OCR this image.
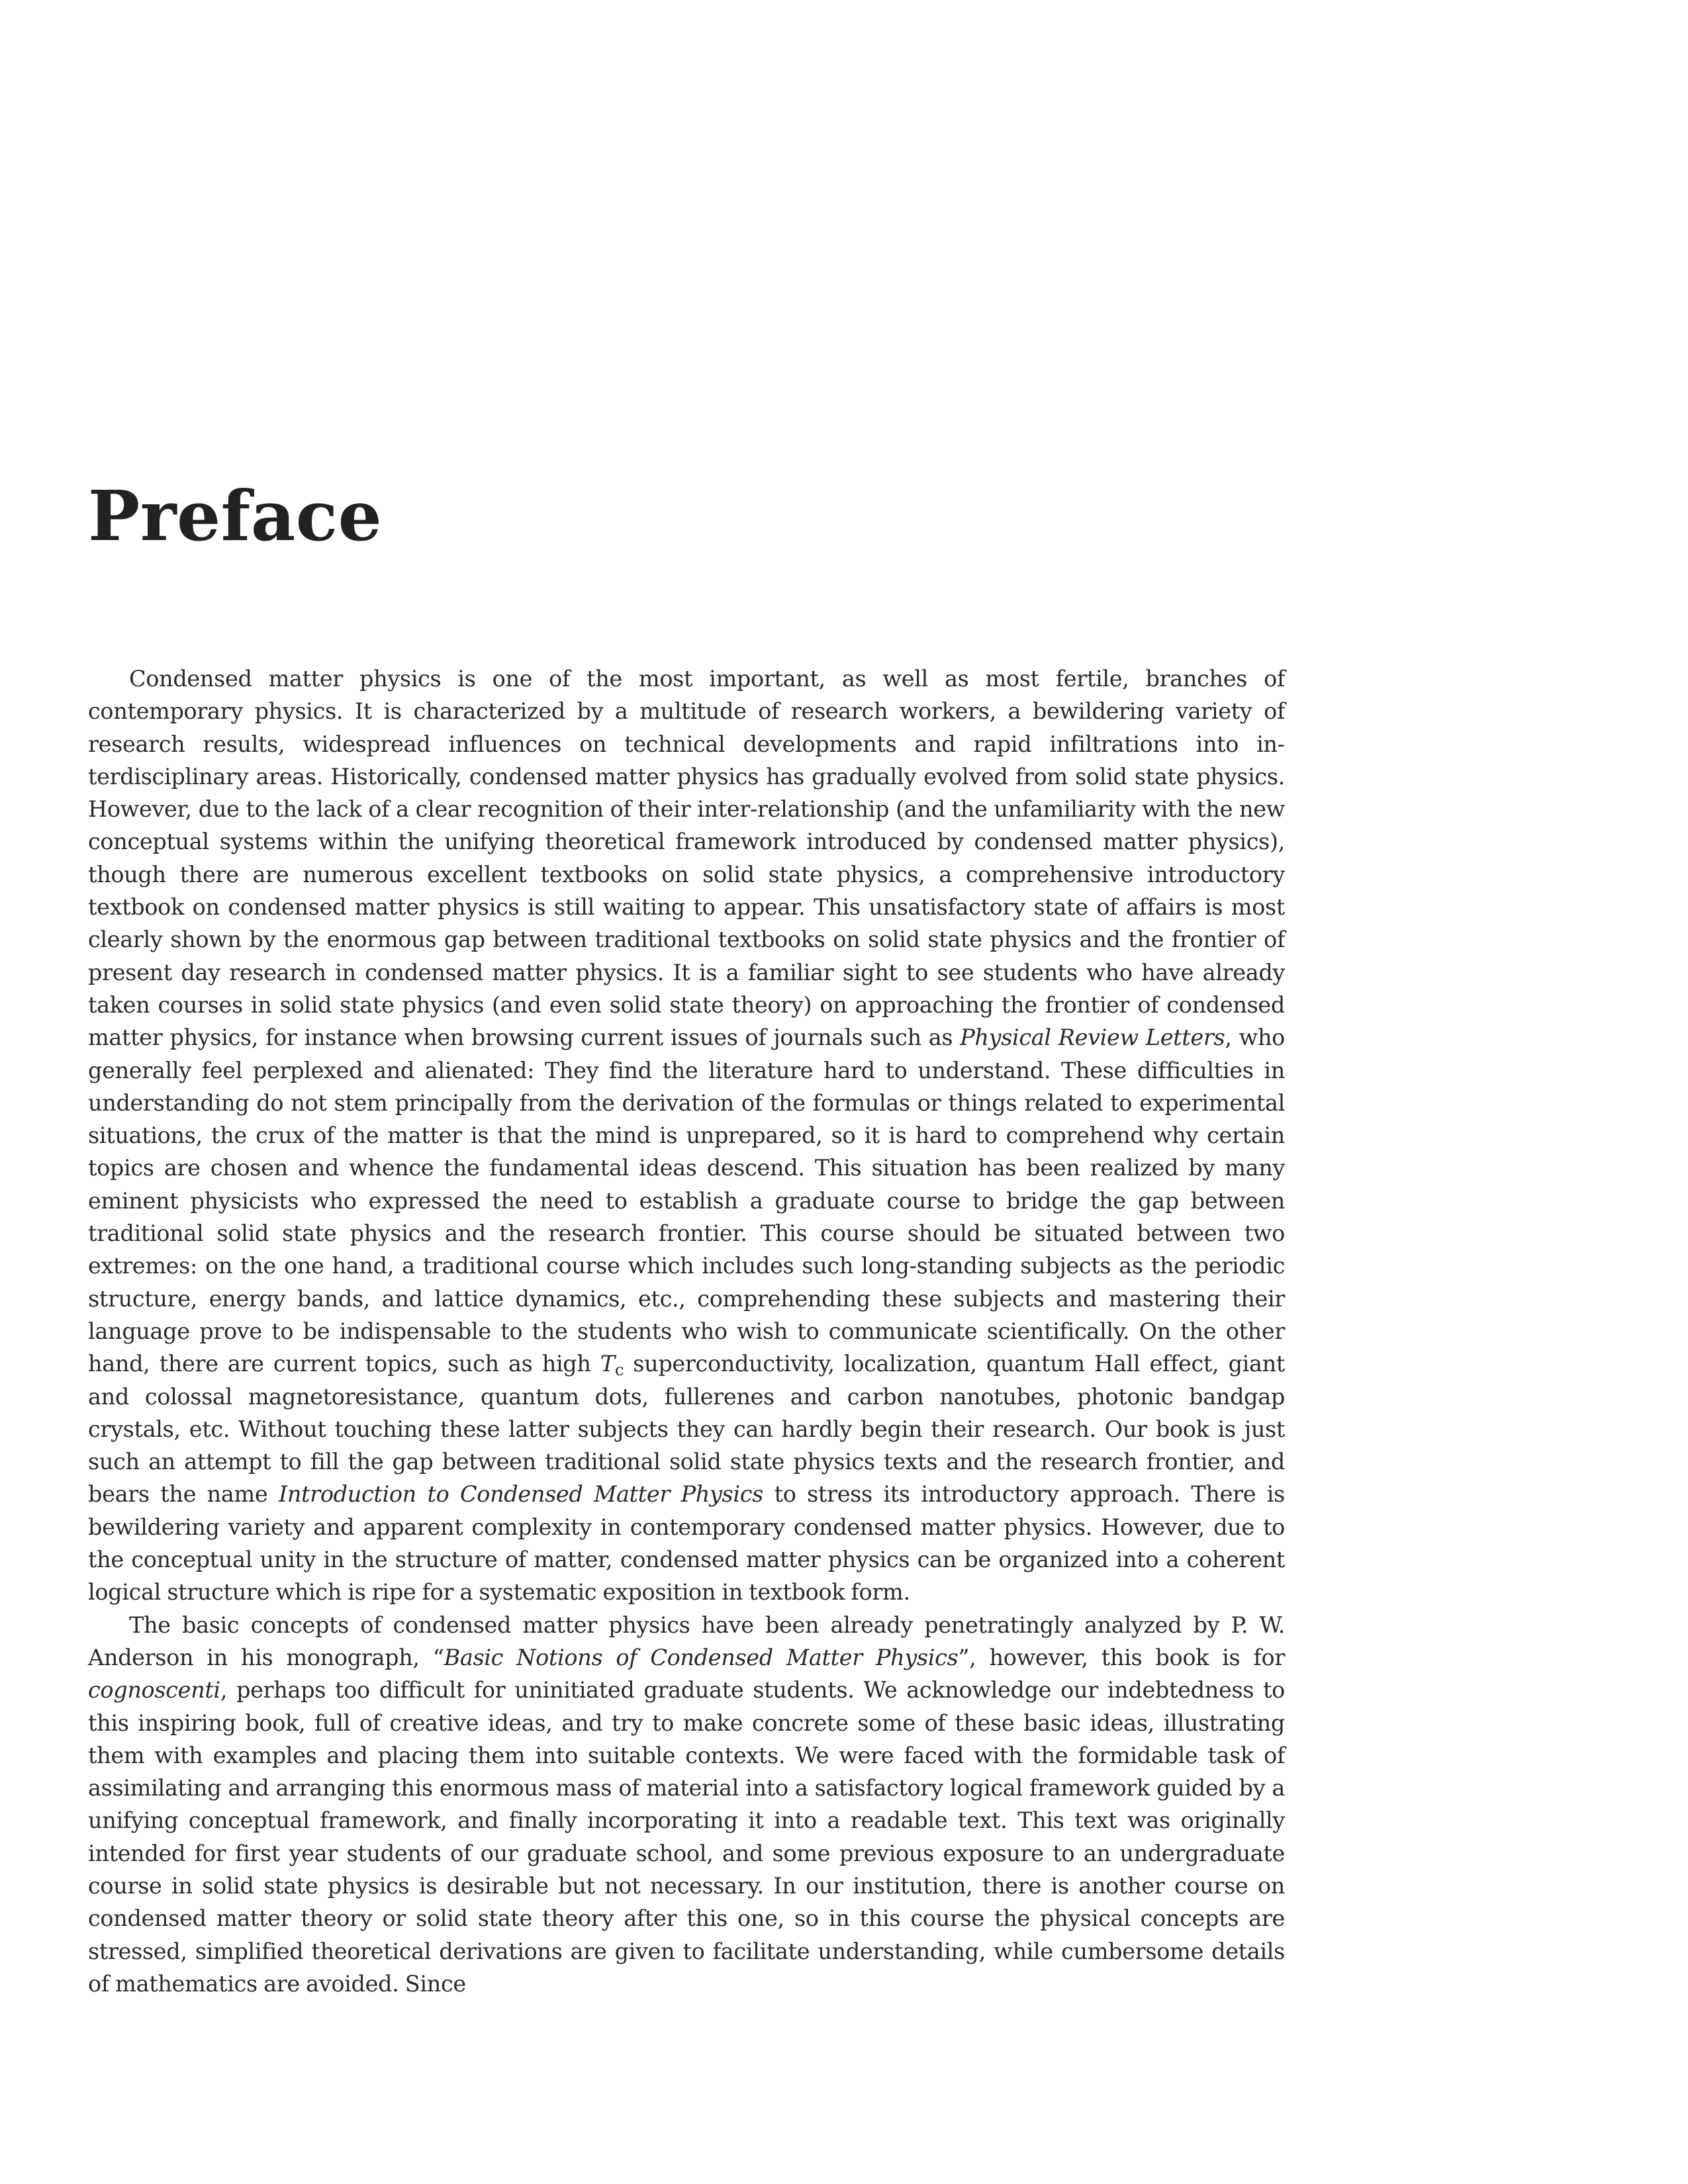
Preface

Condensed matter physics is one of the most important, as well as most fertile, branches of contemporary physics. It is characterized by a multitude of research workers, a bewildering variety of research results, widespread influences on technical developments and rapid infiltrations into interdisciplinary areas. Historically, condensed matter physics has gradually evolved from solid state physics. However, due to the lack of a clear recognition of their inter-relationship (and the unfamiliarity with the new conceptual systems within the unifying theoretical framework introduced by condensed matter physics), though there are numerous excellent textbooks on solid state physics, a comprehensive introductory textbook on condensed matter physics is still waiting to appear. This unsatisfactory state of affairs is most clearly shown by the enormous gap between traditional textbooks on solid state physics and the frontier of present day research in condensed matter physics. It is a familiar sight to see students who have already taken courses in solid state physics (and even solid state theory) on approaching the frontier of condensed matter physics, for instance when browsing current issues of journals such as Physical Review Letters, who generally feel perplexed and alienated: They find the literature hard to understand. These difficulties in understanding do not stem principally from the derivation of the formulas or things related to experimental situations, the crux of the matter is that the mind is unprepared, so it is hard to comprehend why certain topics are chosen and whence the fundamental ideas descend. This situation has been realized by many eminent physicists who expressed the need to establish a graduate course to bridge the gap between traditional solid state physics and the research frontier. This course should be situated between two extremes: on the one hand, a traditional course which includes such long-standing subjects as the periodic structure, energy bands, and lattice dynamics, etc., comprehending these subjects and mastering their language prove to be indispensable to the students who wish to communicate scientifically. On the other hand, there are current topics, such as high $T_c$ superconductivity, localization, quantum Hall effect, giant and colossal magnetoresistance, quantum dots, fullerenes and carbon nanotubes, photonic bandgap crystals, etc. Without touching these latter subjects they can hardly begin their research. Our book is just such an attempt to fill the gap between traditional solid state physics texts and the research frontier, and bears the name Introduction to Condensed Matter Physics to stress its introductory approach. There is bewildering variety and apparent complexity in contemporary condensed matter physics. However, due to the conceptual unity in the structure of matter, condensed matter physics can be organized into a coherent logical structure which is ripe for a systematic exposition in textbook form.

The basic concepts of condensed matter physics have been already penetratingly analyzed by P. W. Anderson in his monograph, “Basic Notions of Condensed Matter Physics”, however, this book is for cognoscenti, perhaps too difficult for uninitiated graduate students. We acknowledge our indebtedness to this inspiring book, full of creative ideas, and try to make concrete some of these basic ideas, illustrating them with examples and placing them into suitable contexts. We were faced with the formidable task of assimilating and arranging this enormous mass of material into a satisfactory logical framework guided by a unifying conceptual framework, and finally incorporating it into a readable text. This text was originally intended for first year students of our graduate school, and some previous exposure to an undergraduate course in solid state physics is desirable but not necessary. In our institution, there is another course on condensed matter theory or solid state theory after this one, so in this course the physical concepts are stressed, simplified theoretical derivations are given to facilitate understanding, while cumbersome details of mathematics are avoided. Since
